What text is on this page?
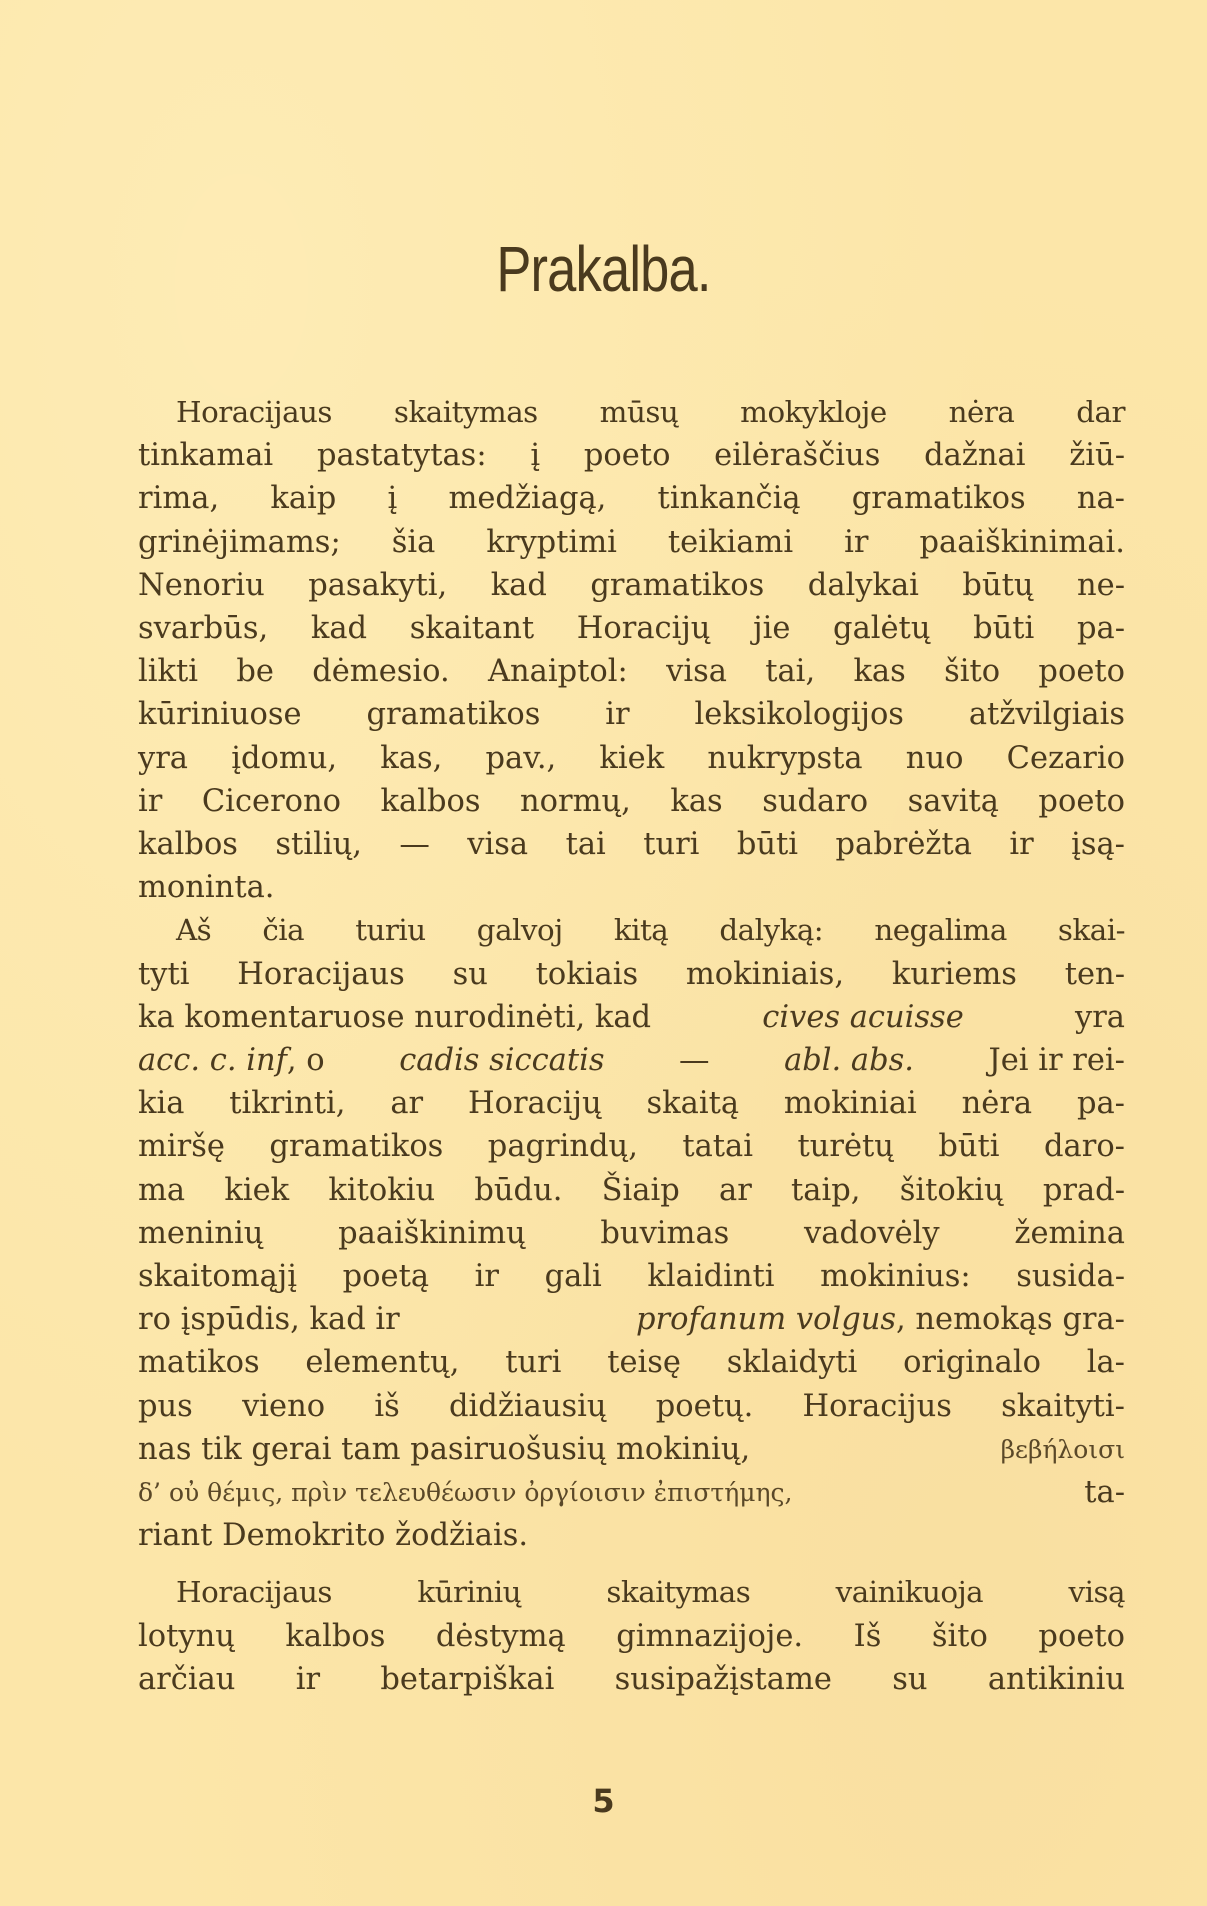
Prakalba.
Horacijaus skaitymas mūsų mokykloje nėra dar
tinkamai pastatytas: į poeto eilėraščius dažnai žiū-
rima, kaip į medžiagą, tinkančią gramatikos na-
grinėjimams; šia kryptimi teikiami ir paaiškinimai.
Nenoriu pasakyti, kad gramatikos dalykai būtų ne-
svarbūs, kad skaitant Horacijų jie galėtų būti pa-
likti be dėmesio. Anaiptol: visa tai, kas šito poeto
kūriniuose gramatikos ir leksikologijos atžvilgiais
yra įdomu, kas, pav., kiek nukrypsta nuo Cezario
ir Cicerono kalbos normų, kas sudaro savitą poeto
kalbos stilių, — visa tai turi būti pabrėžta ir įsą-
moninta.
Aš čia turiu galvoj kitą dalyką: negalima skai-
tyti Horacijaus su tokiais mokiniais, kuriems ten-
ka komentaruose nurodinėti, kad	cives acuisse	yra
acc. c. inf, o cadis siccatis — abl. abs. Jei ir rei-
kia tikrinti, ar Horacijų skaitą mokiniai nėra pa-
miršę gramatikos pagrindų, tatai turėtų būti daro-
ma kiek kitokiu būdu. Šiaip ar taip, šitokių prad-
meninių paaiškinimų buvimas vadovėly žemina
skaitomąjį poetą ir gali klaidinti mokinius: susida-
ro įspūdis, kad ir	profanum volgus, nemokąs gra-
matikos elementų, turi teisę sklaidyti originalo la-
pus vieno iš didžiausių poetų. Horacijus skaityti-
nas tik gerai tam pasiruošusių mokinių,	βεβήλοισι
δ’ οὐ θέμις, πρὶν τελευθέωσιν ὀργίοισιν ἐπιστήμης,	ta-
riant Demokrito žodžiais.
Horacijaus kūrinių skaitymas vainikuoja visą
lotynų kalbos dėstymą gimnazijoje. Iš šito poeto
arčiau ir betarpiškai susipažįstame su antikiniu
5
